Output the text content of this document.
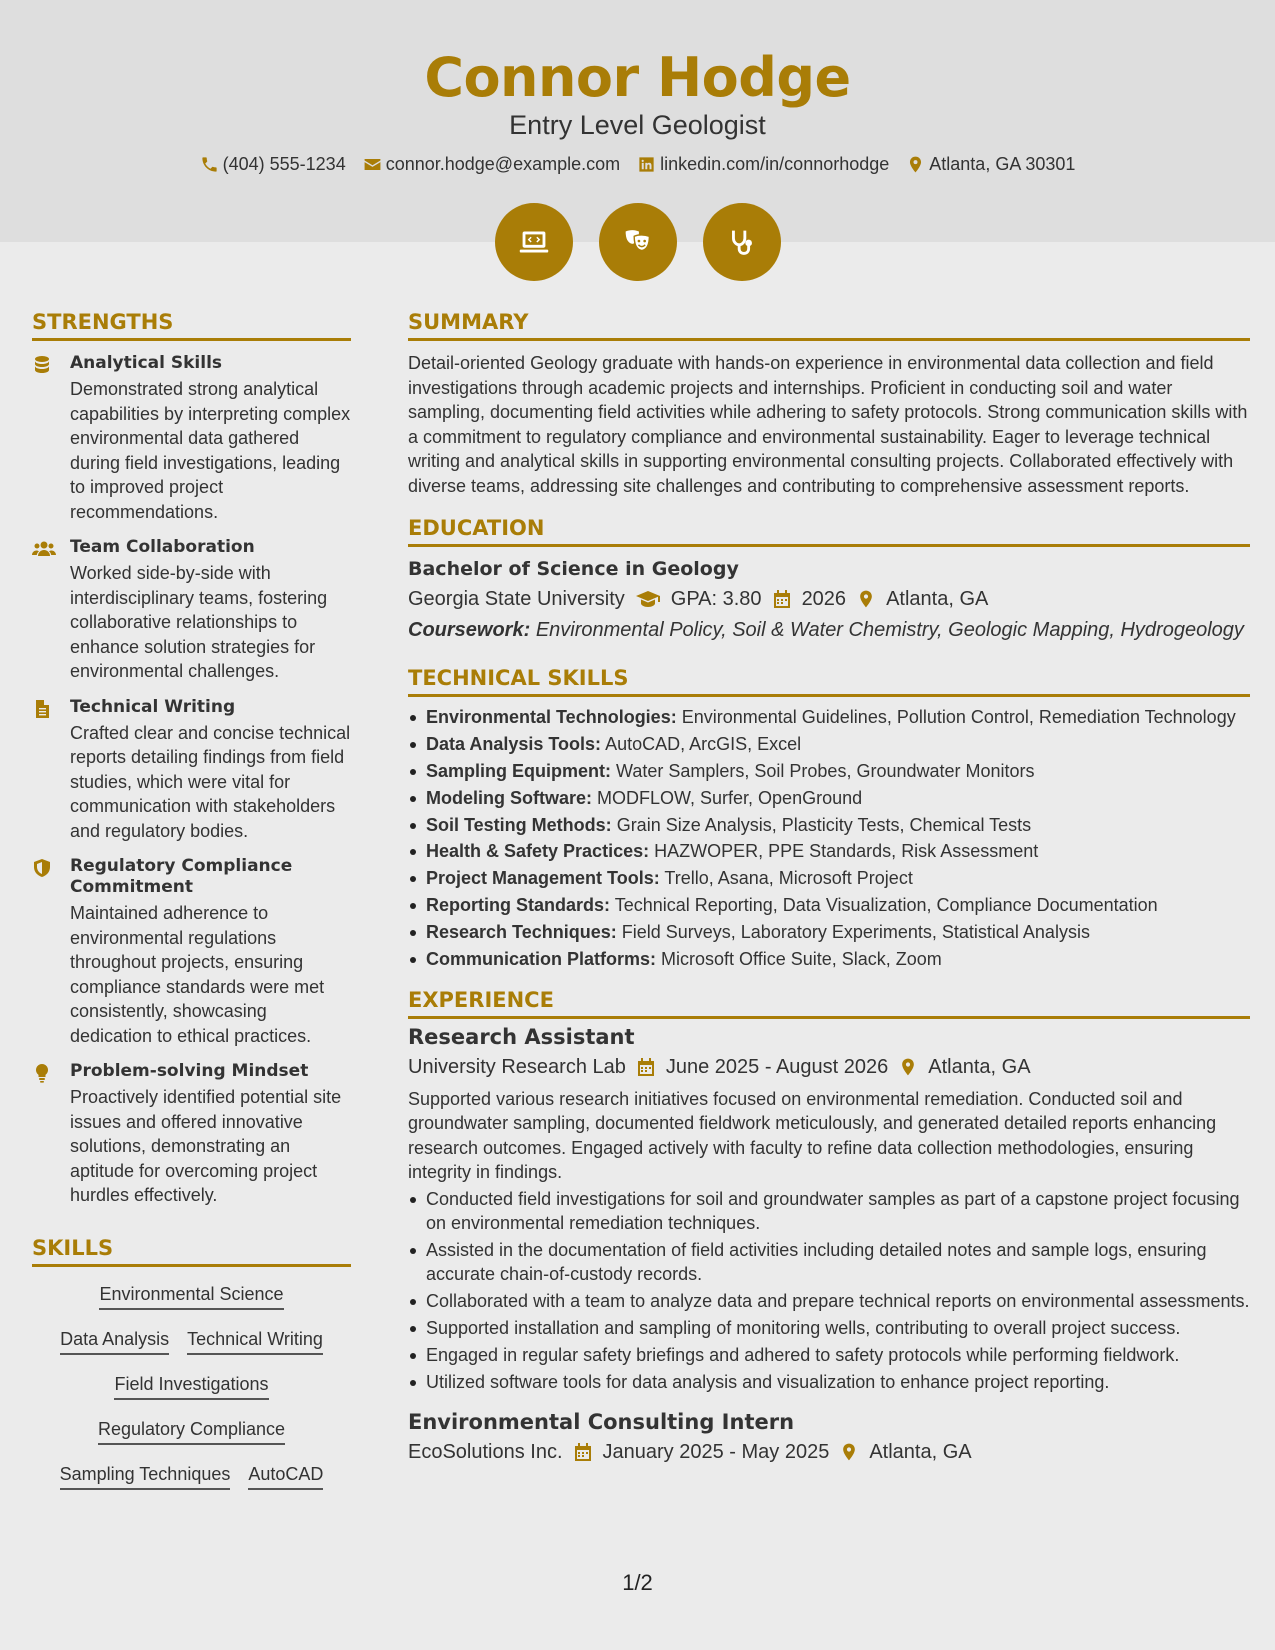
Connor Hodge
Entry Level Geologist
(404) 555-1234 connor.hodge@example.com linkedin.com/in/connorhodge Atlanta, GA 30301
STRENGTHS
Analytical Skills
Demonstrated strong analytical capabilities by interpreting complex environmental data gathered during field investigations, leading to improved project recommendations.
Team Collaboration
Worked side-by-side with interdisciplinary teams, fostering collaborative relationships to enhance solution strategies for environmental challenges.
Technical Writing
Crafted clear and concise technical reports detailing findings from field studies, which were vital for communication with stakeholders and regulatory bodies.
Regulatory Compliance Commitment
Maintained adherence to environmental regulations throughout projects, ensuring compliance standards were met consistently, showcasing dedication to ethical practices.
Problem-solving Mindset
Proactively identified potential site issues and offered innovative solutions, demonstrating an aptitude for overcoming project hurdles effectively.
SKILLS
Environmental Science
Data Analysis Technical Writing
Field Investigations
Regulatory Compliance
Sampling Techniques AutoCAD
SUMMARY
Detail-oriented Geology graduate with hands-on experience in environmental data collection and field investigations through academic projects and internships. Proficient in conducting soil and water sampling, documenting field activities while adhering to safety protocols. Strong communication skills with a commitment to regulatory compliance and environmental sustainability. Eager to leverage technical writing and analytical skills in supporting environmental consulting projects. Collaborated effectively with diverse teams, addressing site challenges and contributing to comprehensive assessment reports.
EDUCATION
Bachelor of Science in Geology
Georgia State University GPA: 3.80 2026 Atlanta, GA
Coursework: Environmental Policy, Soil & Water Chemistry, Geologic Mapping, Hydrogeology
TECHNICAL SKILLS
Environmental Technologies: Environmental Guidelines, Pollution Control, Remediation Technology
Data Analysis Tools: AutoCAD, ArcGIS, Excel
Sampling Equipment: Water Samplers, Soil Probes, Groundwater Monitors
Modeling Software: MODFLOW, Surfer, OpenGround
Soil Testing Methods: Grain Size Analysis, Plasticity Tests, Chemical Tests
Health & Safety Practices: HAZWOPER, PPE Standards, Risk Assessment
Project Management Tools: Trello, Asana, Microsoft Project
Reporting Standards: Technical Reporting, Data Visualization, Compliance Documentation
Research Techniques: Field Surveys, Laboratory Experiments, Statistical Analysis
Communication Platforms: Microsoft Office Suite, Slack, Zoom
EXPERIENCE
Research Assistant
University Research Lab June 2025 - August 2026 Atlanta, GA
Supported various research initiatives focused on environmental remediation. Conducted soil and groundwater sampling, documented fieldwork meticulously, and generated detailed reports enhancing research outcomes. Engaged actively with faculty to refine data collection methodologies, ensuring integrity in findings.
Conducted field investigations for soil and groundwater samples as part of a capstone project focusing on environmental remediation techniques.
Assisted in the documentation of field activities including detailed notes and sample logs, ensuring accurate chain-of-custody records.
Collaborated with a team to analyze data and prepare technical reports on environmental assessments.
Supported installation and sampling of monitoring wells, contributing to overall project success.
Engaged in regular safety briefings and adhered to safety protocols while performing fieldwork.
Utilized software tools for data analysis and visualization to enhance project reporting.
Environmental Consulting Intern
EcoSolutions Inc. January 2025 - May 2025 Atlanta, GA
1/2
